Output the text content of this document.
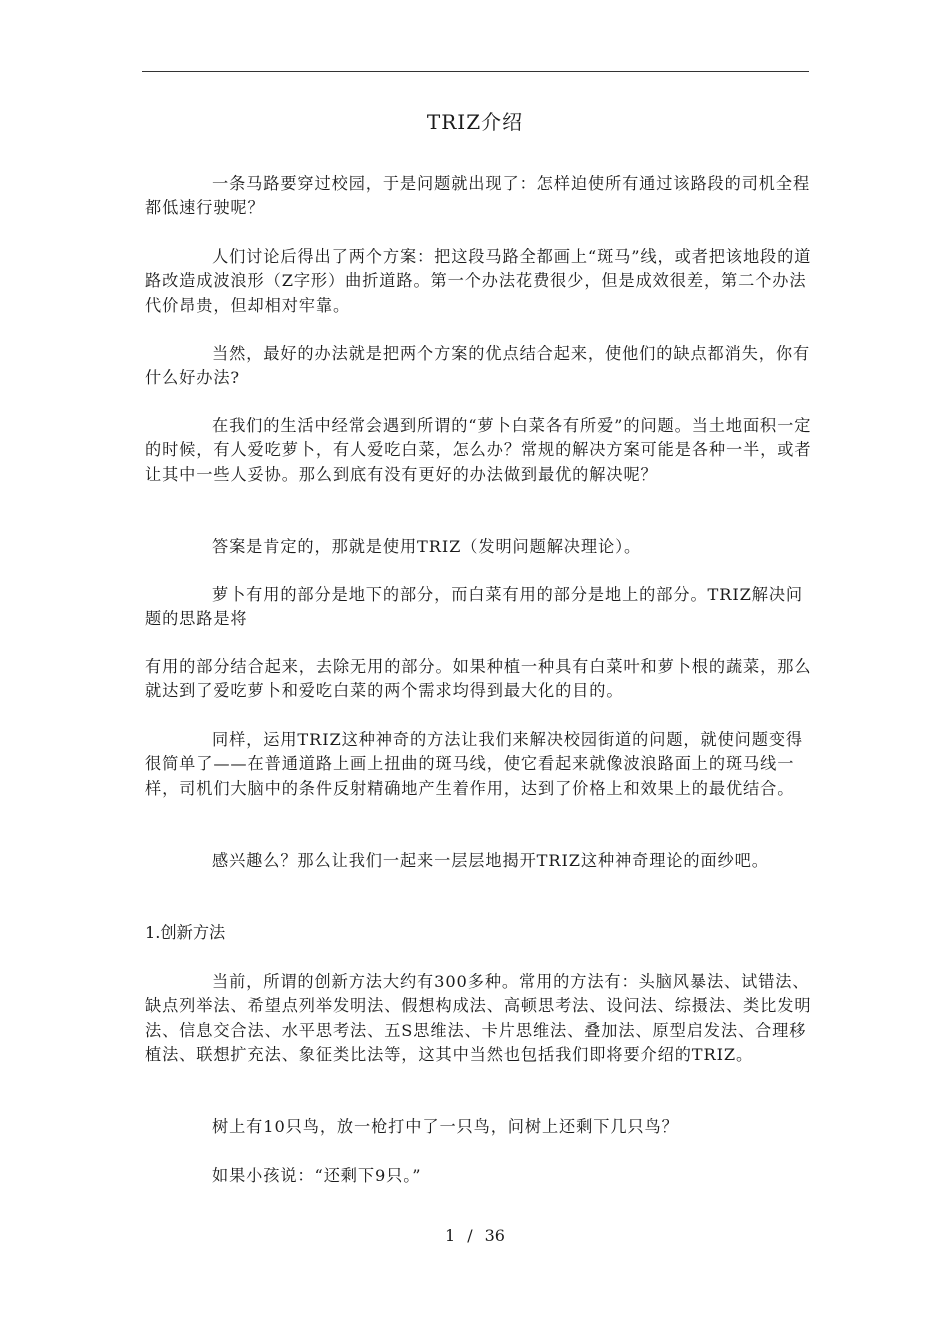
TRIZ介绍

一条马路要穿过校园，于是问题就出现了：怎样迫使所有通过该路段的司机全程都低速行驶呢？

人们讨论后得出了两个方案：把这段马路全都画上“斑马”线，或者把该地段的道路改造成波浪形（Z字形）曲折道路。第一个办法花费很少，但是成效很差，第二个办法代价昂贵，但却相对牢靠。

当然，最好的办法就是把两个方案的优点结合起来，使他们的缺点都消失，你有什么好办法?

在我们的生活中经常会遇到所谓的“萝卜白菜各有所爱”的问题。当土地面积一定的时候，有人爱吃萝卜，有人爱吃白菜，怎么办？常规的解决方案可能是各种一半，或者让其中一些人妥协。那么到底有没有更好的办法做到最优的解决呢？

答案是肯定的，那就是使用TRIZ（发明问题解决理论）。

萝卜有用的部分是地下的部分，而白菜有用的部分是地上的部分。TRIZ解决问题的思路是将

有用的部分结合起来，去除无用的部分。如果种植一种具有白菜叶和萝卜根的蔬菜，那么就达到了爱吃萝卜和爱吃白菜的两个需求均得到最大化的目的。

同样，运用TRIZ这种神奇的方法让我们来解决校园街道的问题，就使问题变得很简单了——在普通道路上画上扭曲的斑马线，使它看起来就像波浪路面上的斑马线一样，司机们大脑中的条件反射精确地产生着作用，达到了价格上和效果上的最优结合。

感兴趣么？那么让我们一起来一层层地揭开TRIZ这种神奇理论的面纱吧。

1.创新方法

当前，所谓的创新方法大约有300多种。常用的方法有：头脑风暴法、试错法、缺点列举法、希望点列举发明法、假想构成法、高顿思考法、设问法、综摄法、类比发明法、信息交合法、水平思考法、五S思维法、卡片思维法、叠加法、原型启发法、合理移植法、联想扩充法、象征类比法等，这其中当然也包括我们即将要介绍的TRIZ。

树上有10只鸟，放一枪打中了一只鸟，问树上还剩下几只鸟？

如果小孩说：“还剩下9只。”

1 / 36
